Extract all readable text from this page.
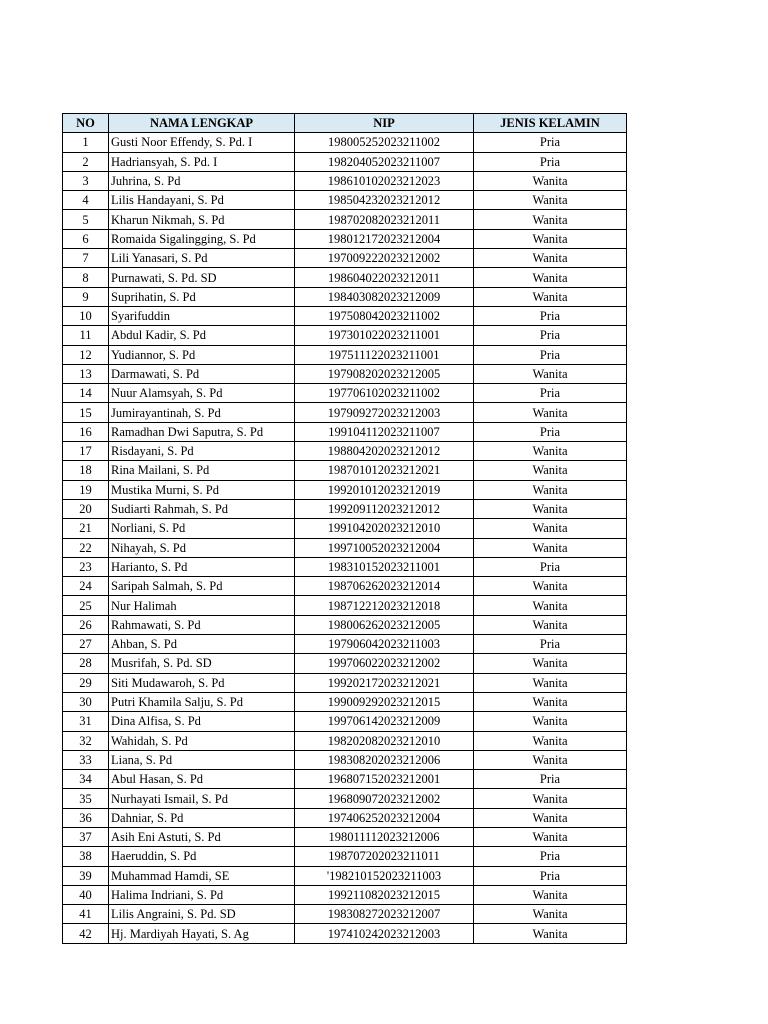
NO	NAMA LENGKAP	NIP	JENIS KELAMIN
1	Gusti Noor Effendy, S. Pd. I	198005252023211002	Pria
2	Hadriansyah, S. Pd. I	198204052023211007	Pria
3	Juhrina, S. Pd	198610102023212023	Wanita
4	Lilis Handayani, S. Pd	198504232023212012	Wanita
5	Kharun Nikmah, S. Pd	198702082023212011	Wanita
6	Romaida Sigalingging, S. Pd	198012172023212004	Wanita
7	Lili Yanasari, S. Pd	197009222023212002	Wanita
8	Purnawati, S. Pd. SD	198604022023212011	Wanita
9	Suprihatin, S. Pd	198403082023212009	Wanita
10	Syarifuddin	197508042023211002	Pria
11	Abdul Kadir, S. Pd	197301022023211001	Pria
12	Yudiannor, S. Pd	197511122023211001	Pria
13	Darmawati, S. Pd	197908202023212005	Wanita
14	Nuur Alamsyah, S. Pd	197706102023211002	Pria
15	Jumirayantinah, S. Pd	197909272023212003	Wanita
16	Ramadhan Dwi Saputra, S. Pd	199104112023211007	Pria
17	Risdayani, S. Pd	198804202023212012	Wanita
18	Rina Mailani, S. Pd	198701012023212021	Wanita
19	Mustika Murni, S. Pd	199201012023212019	Wanita
20	Sudiarti Rahmah, S. Pd	199209112023212012	Wanita
21	Norliani, S. Pd	199104202023212010	Wanita
22	Nihayah, S. Pd	199710052023212004	Wanita
23	Harianto, S. Pd	198310152023211001	Pria
24	Saripah Salmah, S. Pd	198706262023212014	Wanita
25	Nur Halimah	198712212023212018	Wanita
26	Rahmawati, S. Pd	198006262023212005	Wanita
27	Ahban, S. Pd	197906042023211003	Pria
28	Musrifah, S. Pd. SD	199706022023212002	Wanita
29	Siti Mudawaroh, S. Pd	199202172023212021	Wanita
30	Putri Khamila Salju, S. Pd	199009292023212015	Wanita
31	Dina Alfisa, S. Pd	199706142023212009	Wanita
32	Wahidah, S. Pd	198202082023212010	Wanita
33	Liana, S. Pd	198308202023212006	Wanita
34	Abul Hasan, S. Pd	196807152023212001	Pria
35	Nurhayati Ismail, S. Pd	196809072023212002	Wanita
36	Dahniar, S. Pd	197406252023212004	Wanita
37	Asih Eni Astuti, S. Pd	198011112023212006	Wanita
38	Haeruddin, S. Pd	198707202023211011	Pria
39	Muhammad Hamdi, SE	'198210152023211003	Pria
40	Halima Indriani, S. Pd	199211082023212015	Wanita
41	Lilis Angraini, S. Pd. SD	198308272023212007	Wanita
42	Hj. Mardiyah Hayati, S. Ag	197410242023212003	Wanita
